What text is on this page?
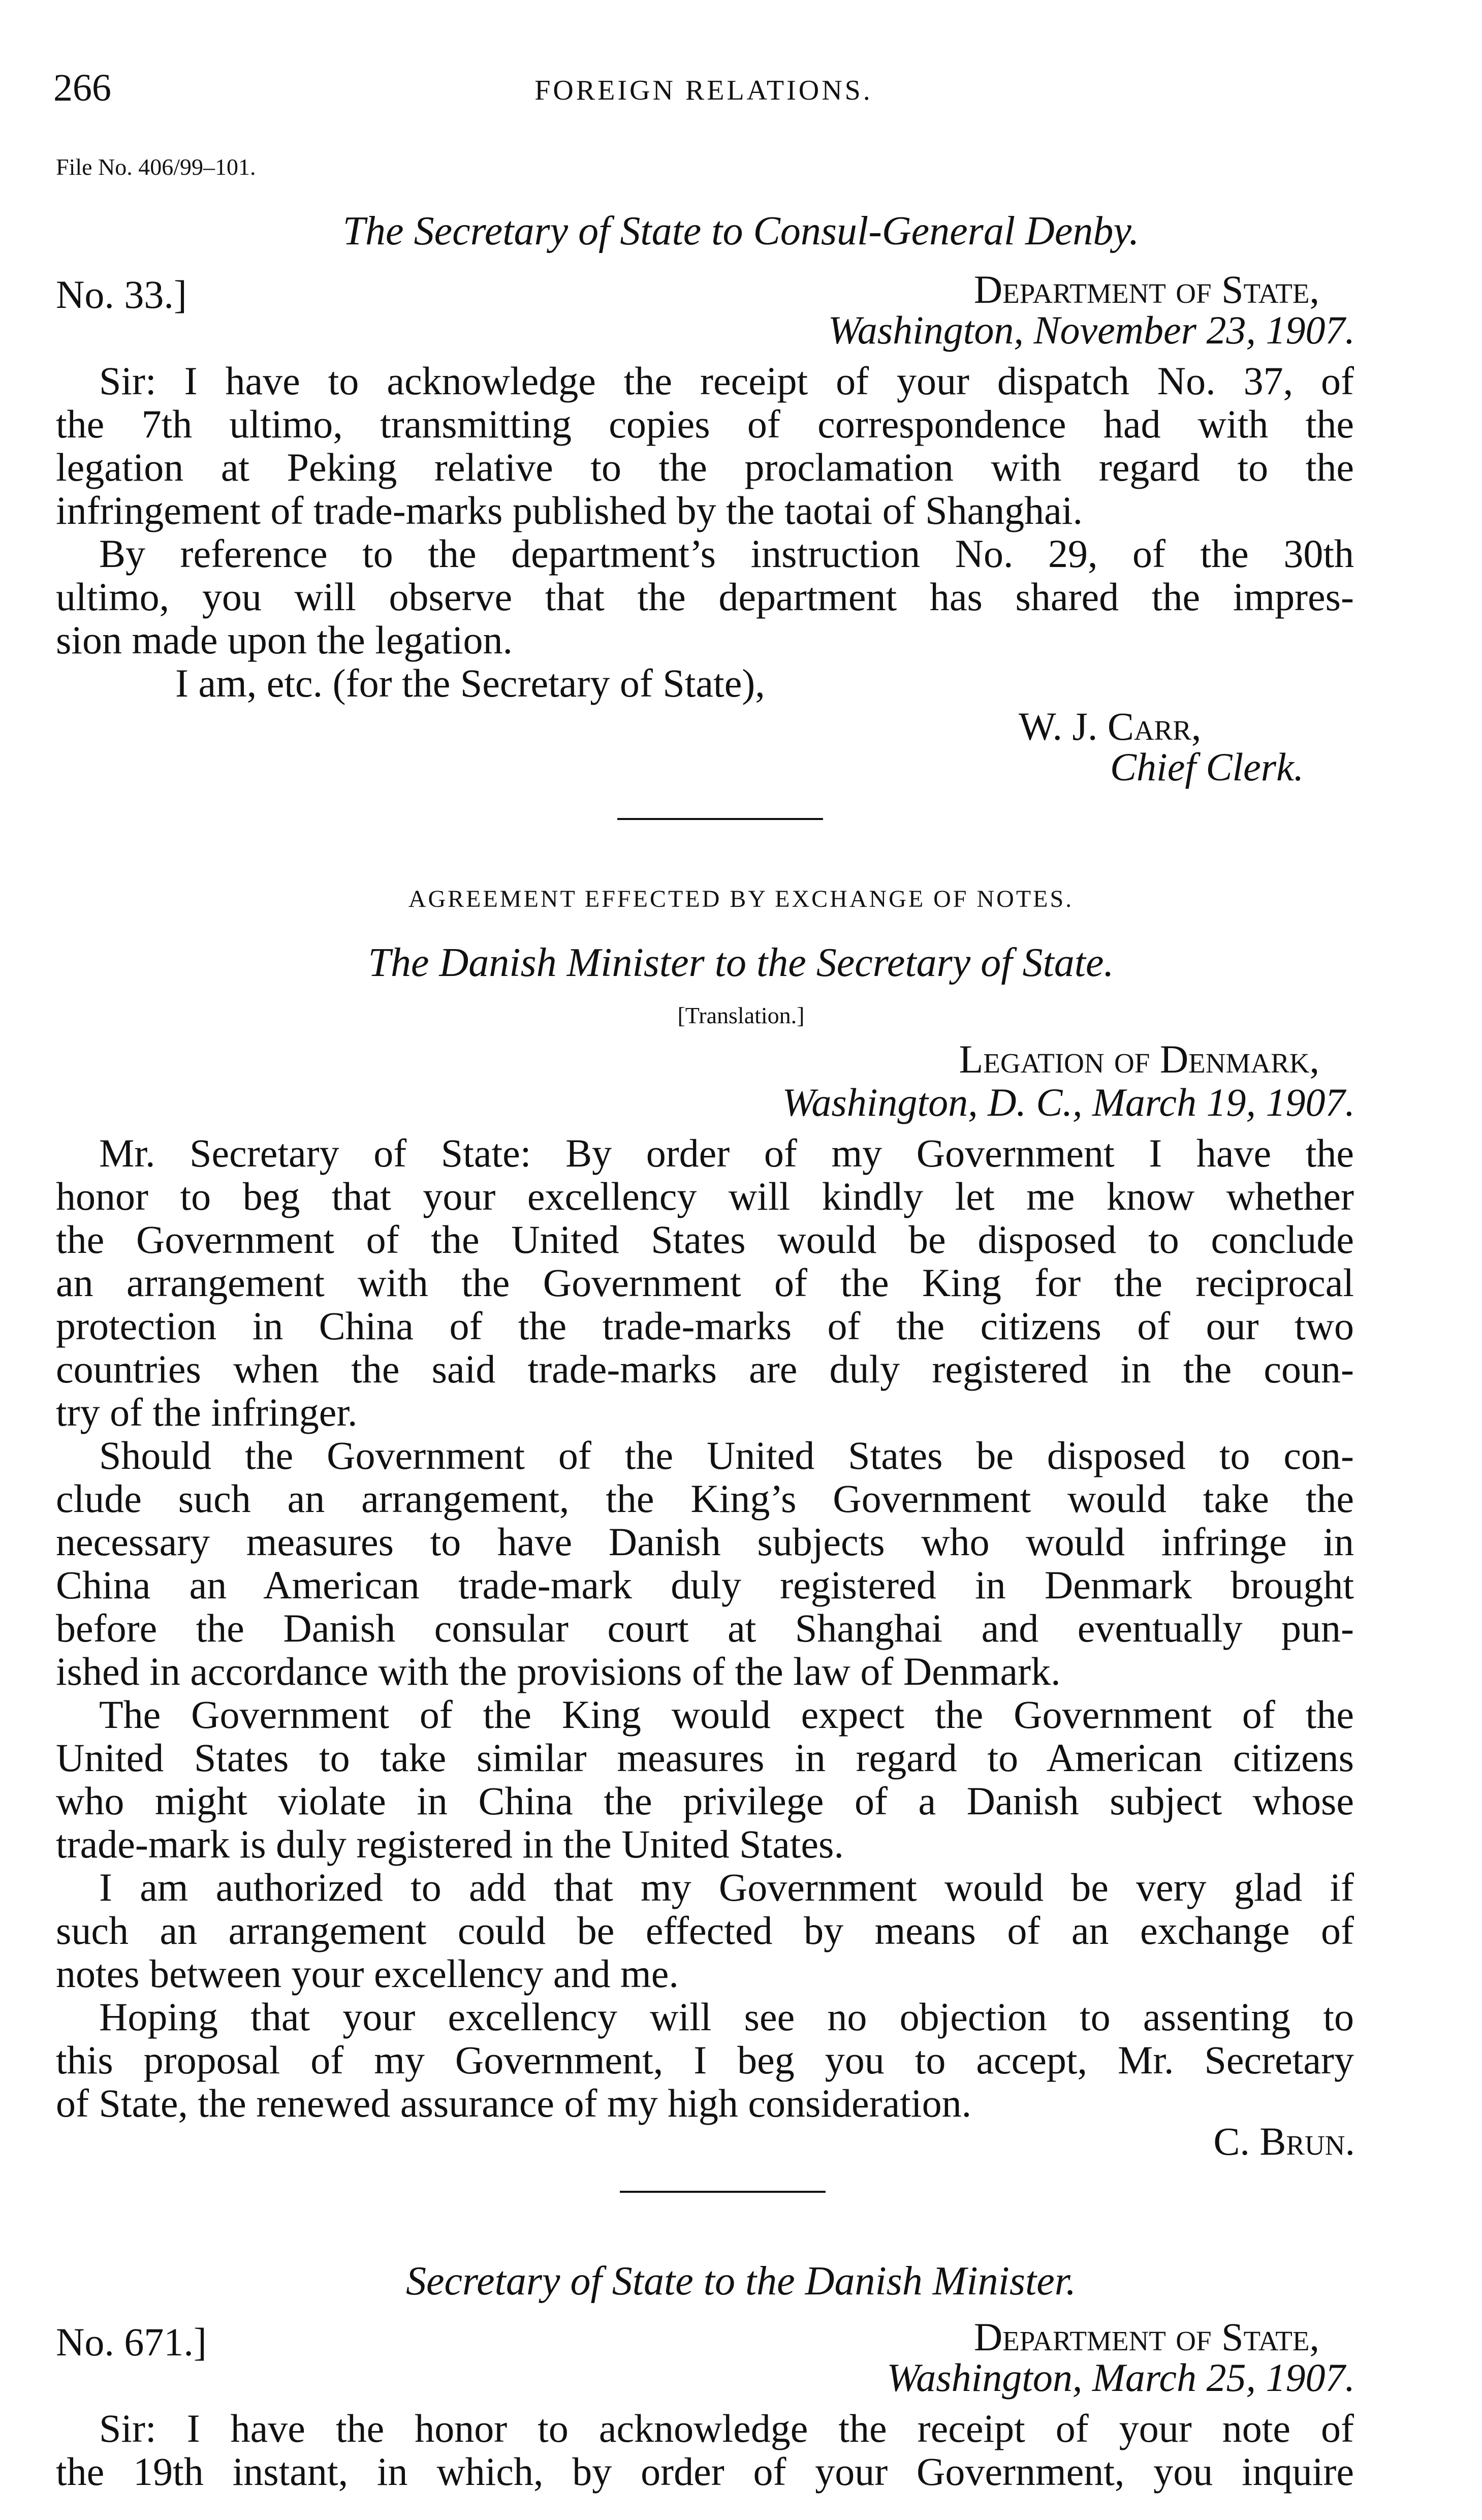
266	FOREIGN RELATIONS.
File No. 406/99–101.
The Secretary of State to Consul-General Denby.
No. 33.]	Department of State,
Washington, November 23, 1907.
Sir: I have to acknowledge the receipt of your dispatch No. 37, of
the 7th ultimo, transmitting copies of correspondence had with the
legation at Peking relative to the proclamation with regard to the
infringement of trade-marks published by the taotai of Shanghai.
By reference to the department’s instruction No. 29, of the 30th
ultimo, you will observe that the department has shared the impres-
sion made upon the legation.
I am, etc. (for the Secretary of State),
W. J. Carr,
Chief Clerk.
AGREEMENT EFFECTED BY EXCHANGE OF NOTES.
The Danish Minister to the Secretary of State.
[Translation.]
Legation of Denmark,
Washington, D. C., March 19, 1907.
Mr. Secretary of State: By order of my Government I have the
honor to beg that your excellency will kindly let me know whether
the Government of the United States would be disposed to conclude
an arrangement with the Government of the King for the reciprocal
protection in China of the trade-marks of the citizens of our two
countries when the said trade-marks are duly registered in the coun-
try of the infringer.
Should the Government of the United States be disposed to con-
clude such an arrangement, the King’s Government would take the
necessary measures to have Danish subjects who would infringe in
China an American trade-mark duly registered in Denmark brought
before the Danish consular court at Shanghai and eventually pun-
ished in accordance with the provisions of the law of Denmark.
The Government of the King would expect the Government of the
United States to take similar measures in regard to American citizens
who might violate in China the privilege of a Danish subject whose
trade-mark is duly registered in the United States.
I am authorized to add that my Government would be very glad if
such an arrangement could be effected by means of an exchange of
notes between your excellency and me.
Hoping that your excellency will see no objection to assenting to
this proposal of my Government, I beg you to accept, Mr. Secretary
of State, the renewed assurance of my high consideration.
C. Brun.
Secretary of State to the Danish Minister.
No. 671.]	Department of State,
Washington, March 25, 1907.
Sir: I have the honor to acknowledge the receipt of your note of
the 19th instant, in which, by order of your Government, you inquire
